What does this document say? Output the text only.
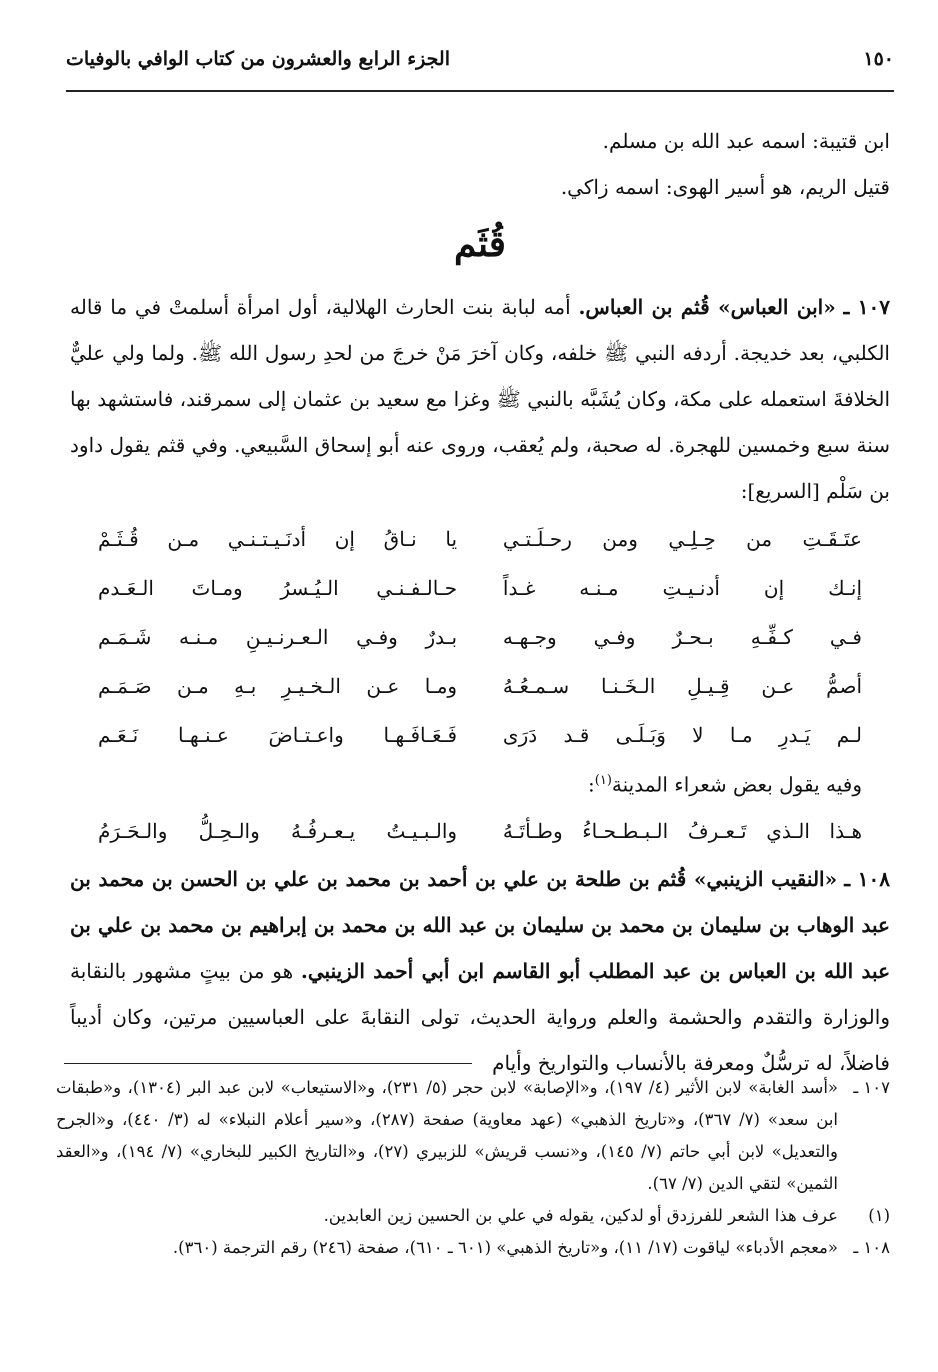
١٥٠
الجزء الرابع والعشرون من كتاب الوافي بالوفيات

ابن قتيبة: اسمه عبد الله بن مسلم.

قتيل الريم، هو أسير الهوى: اسمه زاكي.

قُثَم

١٠٧ ـ «ابن العباس» قُثم بن العباس. أمه لبابة بنت الحارث الهلالية، أول امرأة أسلمتْ في ما قاله الكلبي، بعد خديجة. أردفه النبي ﷺ خلفه، وكان آخرَ مَنْ خرجَ من لحدِ رسول الله ﷺ. ولما ولي عليٌّ الخلافةَ استعمله على مكة، وكان يُشَبَّه بالنبي ﷺ وغزا مع سعيد بن عثمان إلى سمرقند، فاستشهد بها سنة سبع وخمسين للهجرة. له صحبة، ولم يُعقب، وروى عنه أبو إسحاق السَّبيعي. وفي قثم يقول داود بن سَلْم [السريع]:

عتَـقَـتِ من حِـلِـي ومن رحـلَـتـي
يا نـاقُ إن أدنَـيـتـنـي مـن قُـثَـمْ
إنـك إن أدنـيـتِ مـنـه غـداً
حـالـفـنـي الـيُـسرُ ومـاتَ الـعَـدم
فـي كـفِّـهِ بـحـرٌ وفـي وجـهـه
بـدرٌ وفـي الـعـرنـيـنِ مـنـه شَـمَـم
أصمُّ عـن قِـيـلِ الـخَـنـا سـمـعُـهُ
ومـا عـن الـخـيـرِ بـهِ مـن صَـمَـم
لـم يَـدرِ مـا لا وَبَـلَـى قـد دَرَى
فَـعَـافَـهـا واعـتـاضَ عـنـهـا نَـعَـم

وفيه يقول بعض شعراء المدينة$^{(١)}$:

هـذا الـذي تَـعـرفُ الـبـطـحـاءُ وطـأتَـهُ
والـبـيـتُ يـعـرفُـهُ والـحِـلُّ والـحَـرَمُ

١٠٨ ـ «النقيب الزينبي» قُثم بن طلحة بن علي بن أحمد بن محمد بن علي بن الحسن بن محمد بن عبد الوهاب بن سليمان بن محمد بن سليمان بن عبد الله بن محمد بن إبراهيم بن محمد بن علي بن عبد الله بن العباس بن عبد المطلب أبو القاسم ابن أبي أحمد الزينبي. هو من بيتٍ مشهور بالنقابة والوزارة والتقدم والحشمة والعلم ورواية الحديث، تولى النقابةَ على العباسيين مرتين، وكان أديباً فاضلاً، له ترسُّلٌ ومعرفة بالأنساب والتواريخ وأيام

١٠٧ ـ
«أسد الغابة» لابن الأثير (٤/ ١٩٧)، و«الإصابة» لابن حجر (٥/ ٢٣١)، و«الاستيعاب» لابن عبد البر (١٣٠٤)، و«طبقات ابن سعد» (٧/ ٣٦٧)، و«تاريخ الذهبي» (عهد معاوية) صفحة (٢٨٧)، و«سير أعلام النبلاء» له (٣/ ٤٤٠)، و«الجرح والتعديل» لابن أبي حاتم (٧/ ١٤٥)، و«نسب قريش» للزبيري (٢٧)، و«التاريخ الكبير للبخاري» (٧/ ١٩٤)، و«العقد الثمين» لتقي الدين (٧/ ٦٧).
(١)
عرف هذا الشعر للفرزدق أو لدكين، يقوله في علي بن الحسين زين العابدين.
١٠٨ ـ
«معجم الأدباء» لياقوت (١٧/ ١١)، و«تاريخ الذهبي» (٦٠١ ـ ٦١٠)، صفحة (٢٤٦) رقم الترجمة (٣٦٠).
